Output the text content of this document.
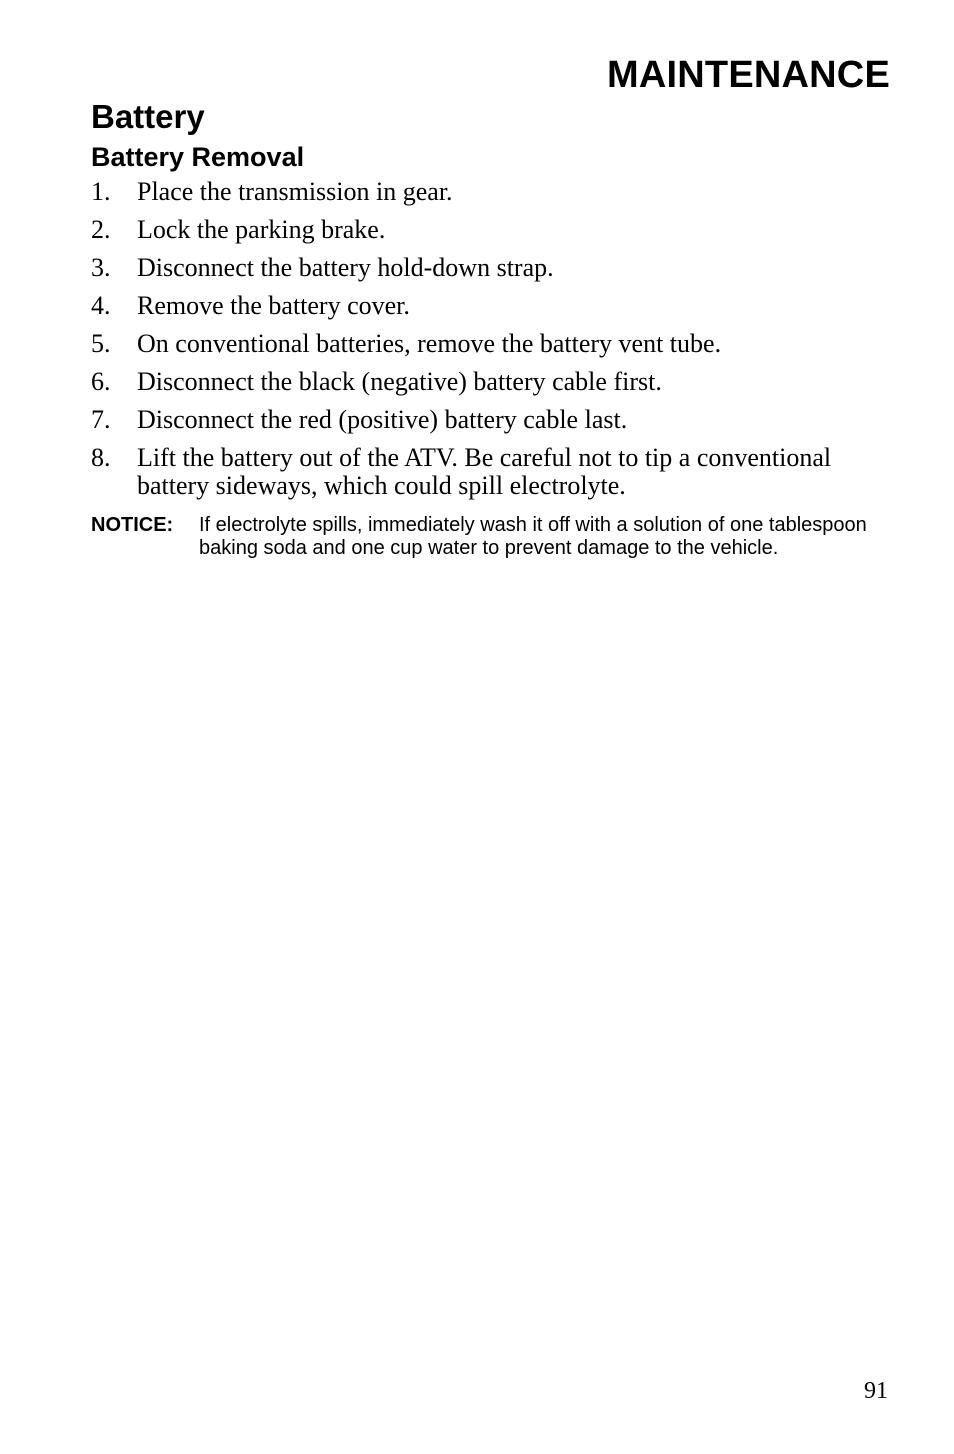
MAINTENANCE
Battery
Battery Removal
1. Place the transmission in gear.
2. Lock the parking brake.
3. Disconnect the battery hold-down strap.
4. Remove the battery cover.
5. On conventional batteries, remove the battery vent tube.
6. Disconnect the black (negative) battery cable first.
7. Disconnect the red (positive) battery cable last.
8. Lift the battery out of the ATV. Be careful not to tip a conventional battery sideways, which could spill electrolyte.
NOTICE: If electrolyte spills, immediately wash it off with a solution of one tablespoon baking soda and one cup water to prevent damage to the vehicle.
91
